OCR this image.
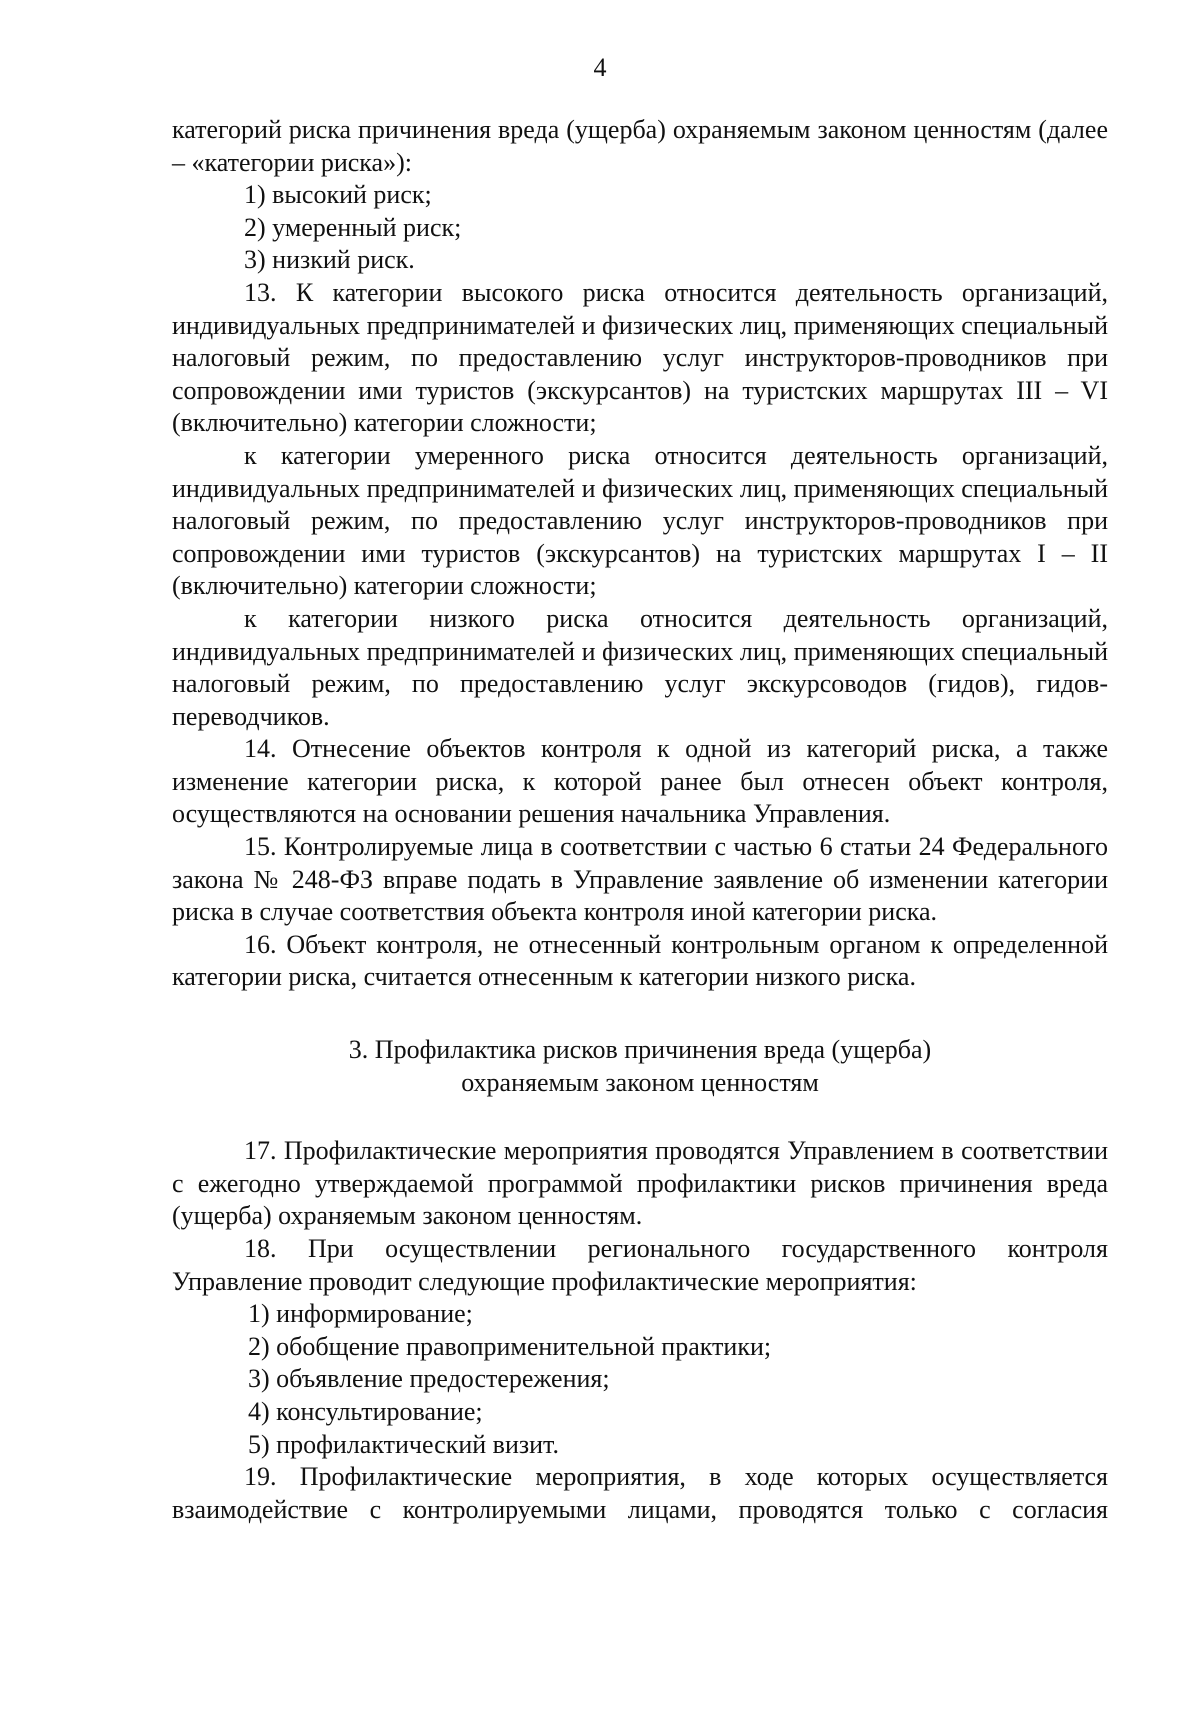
4

категорий риска причинения вреда (ущерба) охраняемым законом ценностям (далее – «категории риска»):

1) высокий риск;

2) умеренный риск;

3) низкий риск.

13. К категории высокого риска относится деятельность организаций, индивидуальных предпринимателей и физических лиц, применяющих специальный налоговый режим, по предоставлению услуг инструкторов-проводников при сопровождении ими туристов (экскурсантов) на туристских маршрутах III – VI (включительно) категории сложности;

к категории умеренного риска относится деятельность организаций, индивидуальных предпринимателей и физических лиц, применяющих специальный налоговый режим, по предоставлению услуг инструкторов-проводников при сопровождении ими туристов (экскурсантов) на туристских маршрутах I – II (включительно) категории сложности;

к категории низкого риска относится деятельность организаций, индивидуальных предпринимателей и физических лиц, применяющих специальный налоговый режим, по предоставлению услуг экскурсоводов (гидов), гидов-переводчиков.

14. Отнесение объектов контроля к одной из категорий риска, а также изменение категории риска, к которой ранее был отнесен объект контроля, осуществляются на основании решения начальника Управления.

15. Контролируемые лица в соответствии с частью 6 статьи 24 Федерального закона № 248-ФЗ вправе подать в Управление заявление об изменении категории риска в случае соответствия объекта контроля иной категории риска.

16. Объект контроля, не отнесенный контрольным органом к определенной категории риска, считается отнесенным к категории низкого риска.

3. Профилактика рисков причинения вреда (ущерба)
охраняемым законом ценностям

17. Профилактические мероприятия проводятся Управлением в соответствии с ежегодно утверждаемой программой профилактики рисков причинения вреда (ущерба) охраняемым законом ценностям.

18. При осуществлении регионального государственного контроля Управление проводит следующие профилактические мероприятия:

1) информирование;

2) обобщение правоприменительной практики;

3) объявление предостережения;

4) консультирование;

5) профилактический визит.

19. Профилактические мероприятия, в ходе которых осуществляется взаимодействие с контролируемыми лицами, проводятся только с согласия
